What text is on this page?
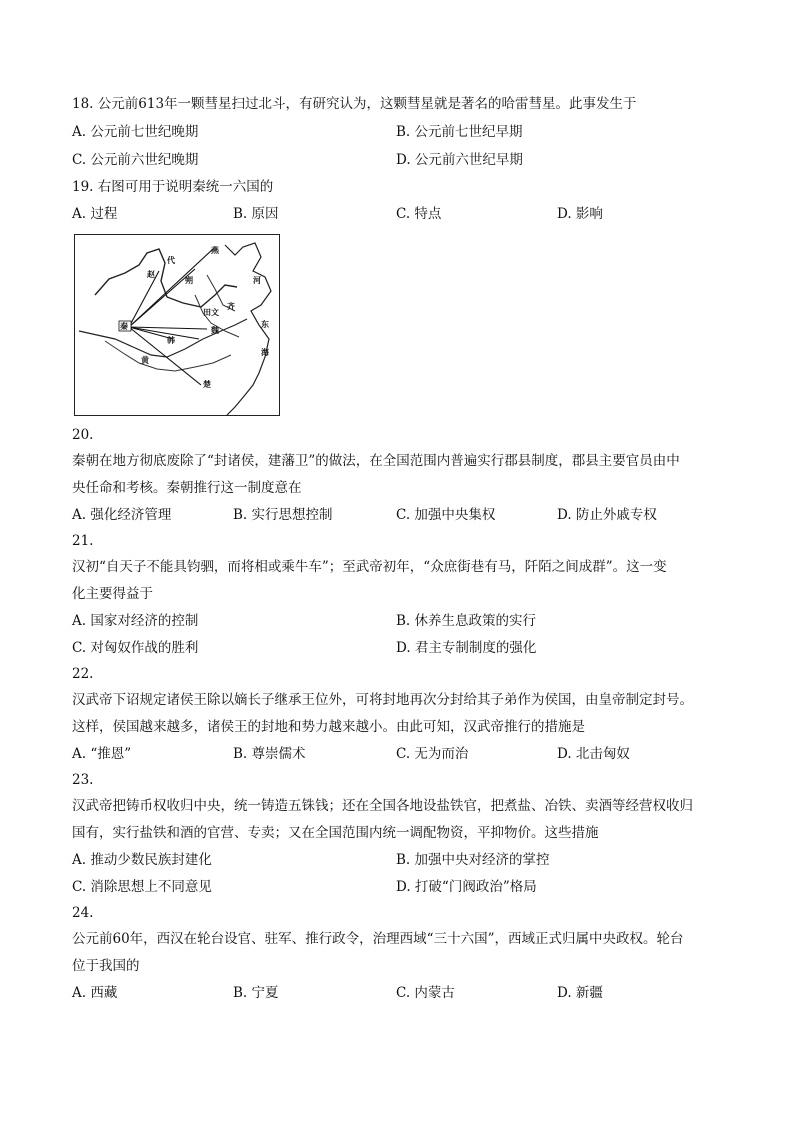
18. 公元前613年一颗彗星扫过北斗，有研究认为，这颗彗星就是著名的哈雷彗星。此事发生于
A. 公元前七世纪晚期	B. 公元前七世纪早期
C. 公元前六世纪晚期	D. 公元前六世纪早期
19. 右图可用于说明秦统一六国的
A. 过程	B. 原因	C. 特点	D. 影响
秦
赵
燕
齐
魏
韩
楚
东
海
河
田文
朔
代
黄
20.
秦朝在地方彻底废除了“封诸侯，建藩卫”的做法，在全国范围内普遍实行郡县制度，郡县主要官员由中
央任命和考核。秦朝推行这一制度意在
A. 强化经济管理	B. 实行思想控制	C. 加强中央集权	D. 防止外戚专权
21.
汉初“自天子不能具钧驷，而将相或乘牛车”；至武帝初年，“众庶街巷有马，阡陌之间成群”。这一变
化主要得益于
A. 国家对经济的控制	B. 休养生息政策的实行
C. 对匈奴作战的胜利	D. 君主专制制度的强化
22.
汉武帝下诏规定诸侯王除以嫡长子继承王位外，可将封地再次分封给其子弟作为侯国，由皇帝制定封号。
这样，侯国越来越多，诸侯王的封地和势力越来越小。由此可知，汉武帝推行的措施是
A. “推恩”	B. 尊崇儒术	C. 无为而治	D. 北击匈奴
23.
汉武帝把铸币权收归中央，统一铸造五铢钱；还在全国各地设盐铁官，把煮盐、冶铁、卖酒等经营权收归
国有，实行盐铁和酒的官营、专卖；又在全国范围内统一调配物资，平抑物价。这些措施
A. 推动少数民族封建化	B. 加强中央对经济的掌控
C. 消除思想上不同意见	D. 打破“门阀政治”格局
24.
公元前60年，西汉在轮台设官、驻军、推行政令，治理西域“三十六国”，西域正式归属中央政权。轮台
位于我国的
A. 西藏	B. 宁夏	C. 内蒙古	D. 新疆
